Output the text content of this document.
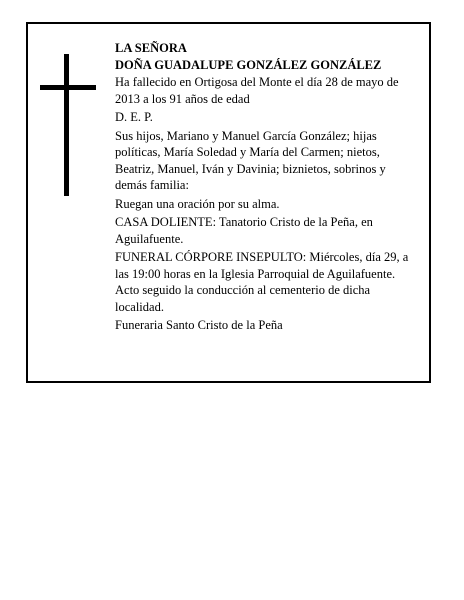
LA SEÑORA

DOÑA GUADALUPE GONZÁLEZ GONZÁLEZ

Ha fallecido en Ortigosa del Monte el día 28 de mayo de 2013 a los 91 años de edad

D. E. P.

Sus hijos, Mariano y Manuel García González; hijas políticas, María Soledad y María del Carmen; nietos, Beatriz, Manuel, Iván y Davinia; biznietos, sobrinos y demás familia:

Ruegan una oración por su alma.

CASA DOLIENTE: Tanatorio Cristo de la Peña, en Aguilafuente.

FUNERAL CÓRPORE INSEPULTO: Miércoles, día 29, a las 19:00 horas en la Iglesia Parroquial de Aguilafuente. Acto seguido la conducción al cementerio de dicha localidad.

Funeraria Santo Cristo de la Peña
